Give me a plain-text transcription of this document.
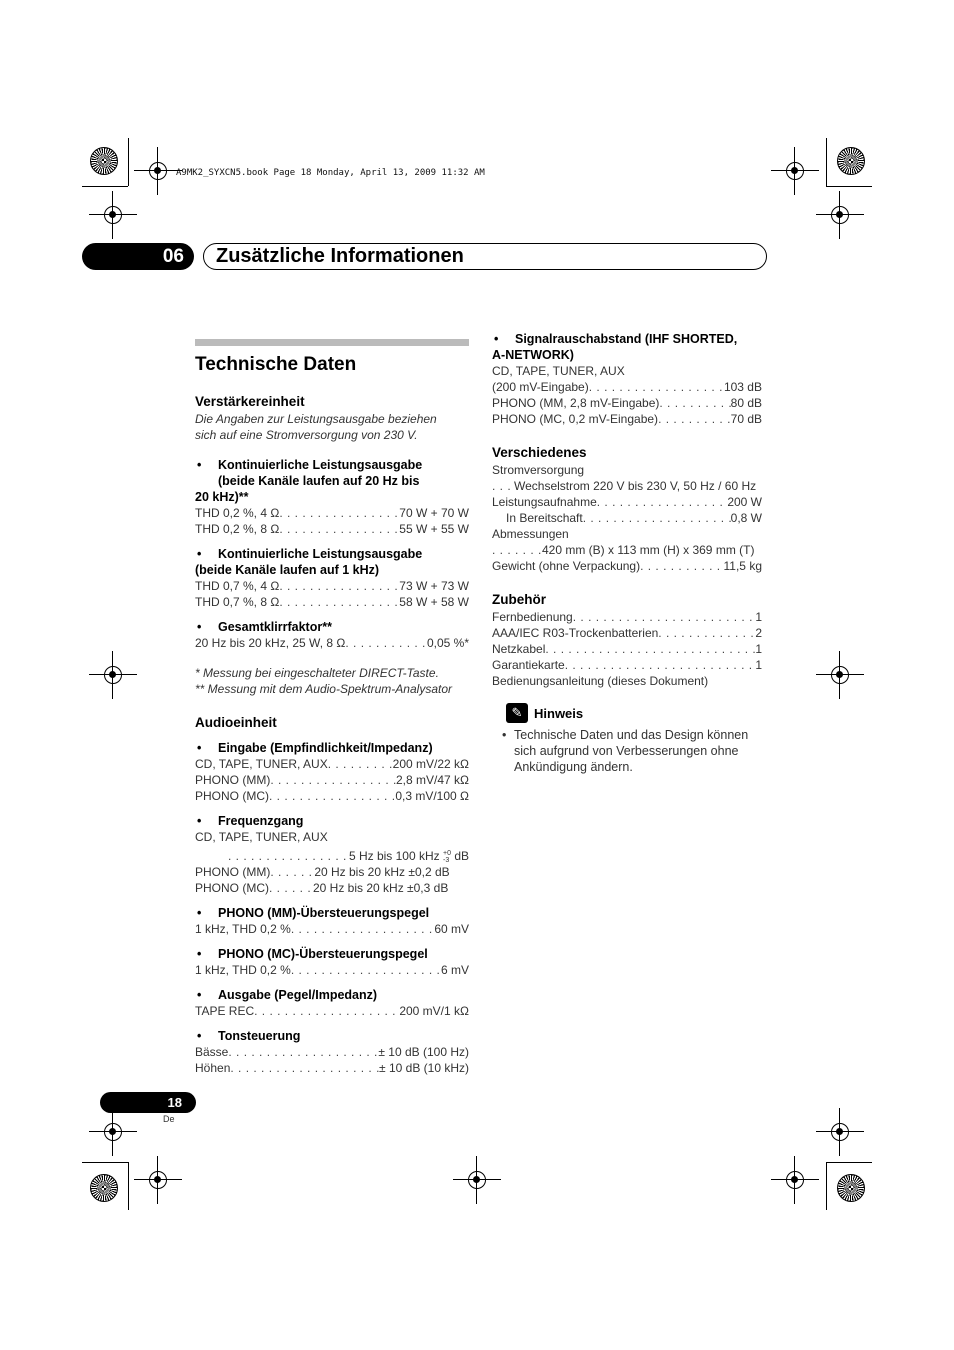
A9MK2_SYXCN5.book Page 18 Monday, April 13, 2009 11:32 AM
06	Zusätzliche Informationen
Technische Daten
Verstärkereinheit
Die Angaben zur Leistungsausgabe beziehen
sich auf eine Stromversorgung von 230 V.
• Kontinuierliche Leistungsausgabe
(beide Kanäle laufen auf 20 Hz bis
20 kHz)**
THD 0,2 %, 4 Ω . . .	70 W + 70 W
THD 0,2 %, 8 Ω . . .	55 W + 55 W
• Kontinuierliche Leistungsausgabe
(beide Kanäle laufen auf 1 kHz)
THD 0,7 %, 4 Ω . . .	73 W + 73 W
THD 0,7 %, 8 Ω . . .	58 W + 58 W
• Gesamtklirrfaktor**
20 Hz bis 20 kHz, 25 W, 8 Ω . . .	0,05 %*
* Messung bei eingeschalteter DIRECT-Taste.
** Messung mit dem Audio-Spektrum-Analysator
Audioeinheit
• Eingabe (Empfindlichkeit/Impedanz)
CD, TAPE, TUNER, AUX . . .	200 mV/22 kΩ
PHONO (MM) . . .	2,8 mV/47 kΩ
PHONO (MC) . . .	0,3 mV/100 Ω
• Frequenzgang
CD, TAPE, TUNER, AUX
. . .
5 Hz bis 100 kHz +0
-3 dB
PHONO (MM) . . .	20 Hz bis 20 kHz ±0,2 dB
PHONO (MC) . . .	20 Hz bis 20 kHz ±0,3 dB
• PHONO (MM)-Übersteuerungspegel
1 kHz, THD 0,2 % . . .	60 mV
• PHONO (MC)-Übersteuerungspegel
1 kHz, THD 0,2 % . . .	6 mV
• Ausgabe (Pegel/Impedanz)
TAPE REC . . .	200 mV/1 kΩ
• Tonsteuerung
Bässe . . .	± 10 dB (100 Hz)
Höhen . . .	± 10 dB (10 kHz)
• Signalrauschabstand (IHF SHORTED,
A-NETWORK)
CD, TAPE, TUNER, AUX
(200 mV-Eingabe) . . .	103 dB
PHONO (MM, 2,8 mV-Eingabe) . . .	80 dB
PHONO (MC, 0,2 mV-Eingabe) . . .	70 dB
Verschiedenes
Stromversorgung
. . .
Wechselstrom 220 V bis 230 V, 50 Hz / 60 Hz
Leistungsaufnahme . . .	200 W
In Bereitschaft . . .	0,8 W
Abmessungen
. . .
420 mm (B) x 113 mm (H) x 369 mm (T)
Gewicht (ohne Verpackung) . . .	11,5 kg
Zubehör
Fernbedienung . . .	1
AAA/IEC R03-Trockenbatterien . . .	2
Netzkabel . . .	1
Garantiekarte . . .	1
Bedienungsanleitung (dieses Dokument)
✎ Hinweis
• Technische Daten und das Design können
sich aufgrund von Verbesserungen ohne
Ankündigung ändern.
18
De
